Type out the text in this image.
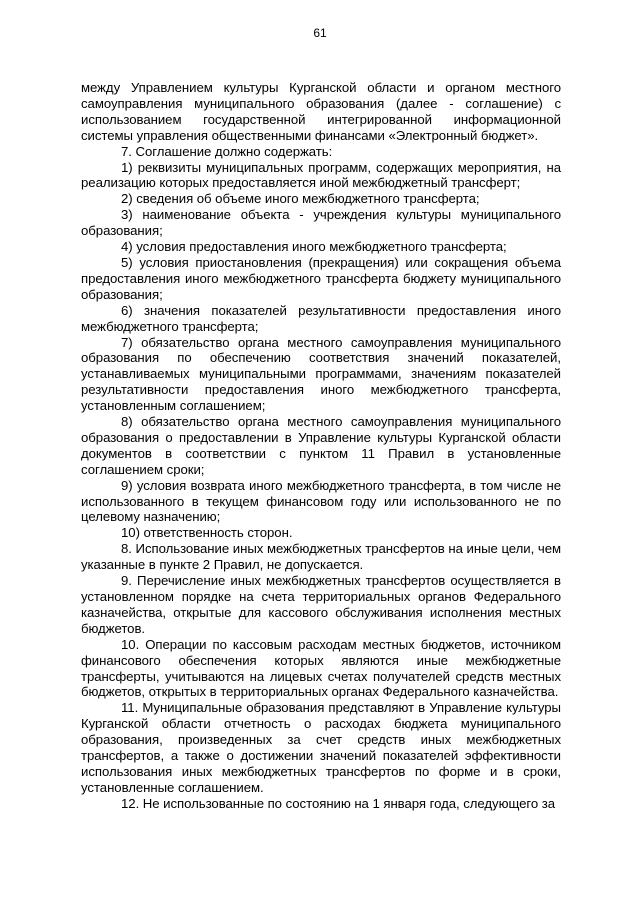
61

между Управлением культуры Курганской области и органом местного самоуправления муниципального образования (далее - соглашение) с использованием государственной интегрированной информационной системы управления общественными финансами «Электронный бюджет».

7. Соглашение должно содержать:

1) реквизиты муниципальных программ, содержащих мероприятия, на реализацию которых предоставляется иной межбюджетный трансферт;

2) сведения об объеме иного межбюджетного трансферта;

3) наименование объекта - учреждения культуры муниципального образования;

4) условия предоставления иного межбюджетного трансферта;

5) условия приостановления (прекращения) или сокращения объема предоставления иного межбюджетного трансферта бюджету муниципального образования;

6) значения показателей результативности предоставления иного межбюджетного трансферта;

7) обязательство органа местного самоуправления муниципального образования по обеспечению соответствия значений показателей, устанавливаемых муниципальными программами, значениям показателей результативности предоставления иного межбюджетного трансферта, установленным соглашением;

8) обязательство органа местного самоуправления муниципального образования о предоставлении в Управление культуры Курганской области документов в соответствии с пунктом 11 Правил в установленные соглашением сроки;

9) условия возврата иного межбюджетного трансферта, в том числе не использованного в текущем финансовом году или использованного не по целевому назначению;

10) ответственность сторон.

8. Использование иных межбюджетных трансфертов на иные цели, чем указанные в пункте 2 Правил, не допускается.

9. Перечисление иных межбюджетных трансфертов осуществляется в установленном порядке на счета территориальных органов Федерального казначейства, открытые для кассового обслуживания исполнения местных бюджетов.

10. Операции по кассовым расходам местных бюджетов, источником финансового обеспечения которых являются иные межбюджетные трансферты, учитываются на лицевых счетах получателей средств местных бюджетов, открытых в территориальных органах Федерального казначейства.

11. Муниципальные образования представляют в Управление культуры Курганской области отчетность о расходах бюджета муниципального образования, произведенных за счет средств иных межбюджетных трансфертов, а также о достижении значений показателей эффективности использования иных межбюджетных трансфертов по форме и в сроки, установленные соглашением.

12. Не использованные по состоянию на 1 января года, следующего за
